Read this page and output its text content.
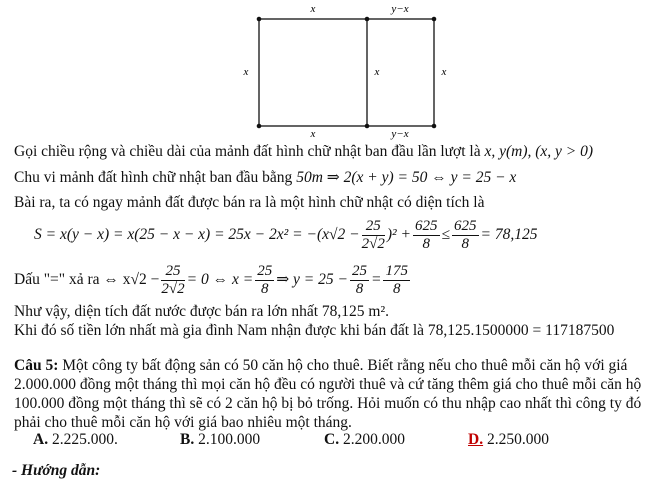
x	y−x
x	x	x
x	y−x
Gọi chiều rộng và chiều dài của mảnh đất hình chữ nhật ban đầu lần lượt là x, y(m), (x, y > 0)
Chu vi mảnh đất hình chữ nhật ban đầu bằng 50m ⇒ 2(x + y) = 50 ⇔ y = 25 − x
Bài ra, ta có ngay mảnh đất được bán ra là một hình chữ nhật có diện tích là
$S = x(y - x) = x(25 - x - x) = 25x - 2x^2 = -(x√2 - \frac{25}{2√2} )^2 + \frac{625}{8} \le \frac{625}{8} = 78,125$
Dấu "=" xả ra ⇔ $x√2 - \frac{25}{2√2} = 0$ ⇔ $x = \frac{25}{8}$ ⇒ $y = 25 - \frac{25}{8} = \frac{175}{8}$
Như vậy, diện tích đất nước được bán ra lớn nhất 78,125 m².
Khi đó số tiền lớn nhất mà gia đình Nam nhận được khi bán đất là 78,125.1500000 = 117187500
Câu 5: Một công ty bất động sản có 50 căn hộ cho thuê. Biết rằng nếu cho thuê mỗi căn hộ với giá
2.000.000 đồng một tháng thì mọi căn hộ đều có người thuê và cứ tăng thêm giá cho thuê mỗi căn hộ
100.000 đồng một tháng thì sẽ có 2 căn hộ bị bỏ trống. Hỏi muốn có thu nhập cao nhất thì công ty đó
phải cho thuê mỗi căn hộ với giá bao nhiêu một tháng.
A. 2.225.000.	B. 2.100.000	C. 2.200.000	D. 2.250.000
- Hướng dẫn:
